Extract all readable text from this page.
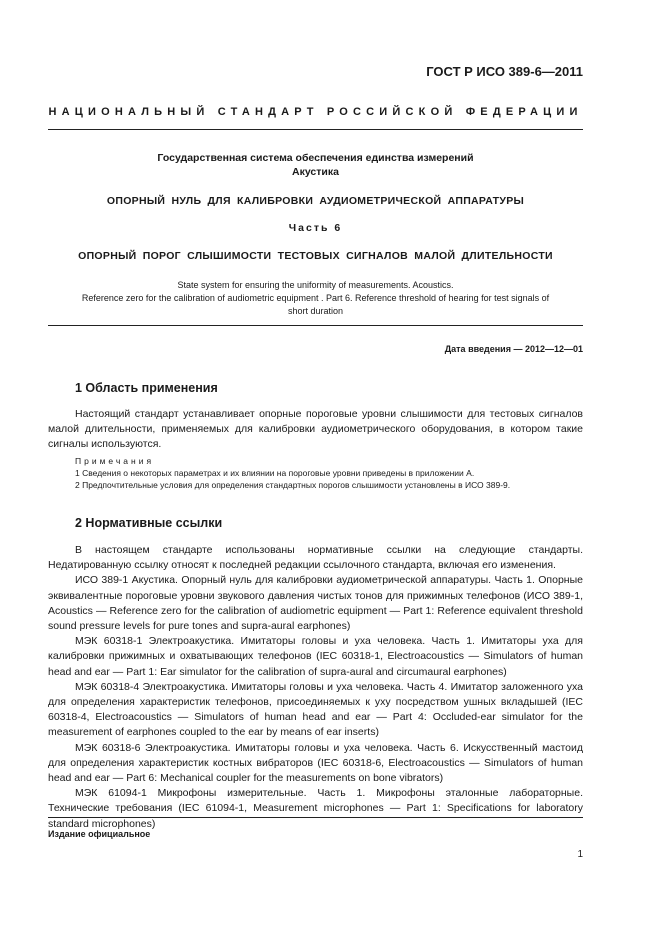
ГОСТ Р ИСО 389-6—2011
НАЦИОНАЛЬНЫЙ СТАНДАРТ РОССИЙСКОЙ ФЕДЕРАЦИИ
Государственная система обеспечения единства измерений
Акустика
ОПОРНЫЙ НУЛЬ ДЛЯ КАЛИБРОВКИ АУДИОМЕТРИЧЕСКОЙ АППАРАТУРЫ
Часть 6
ОПОРНЫЙ ПОРОГ СЛЫШИМОСТИ ТЕСТОВЫХ СИГНАЛОВ МАЛОЙ ДЛИТЕЛЬНОСТИ
State system for ensuring the uniformity of measurements. Acoustics.
Reference zero for the calibration of audiometric equipment . Part 6. Reference threshold of hearing for test signals of
short duration
Дата введения — 2012—12—01
1 Область применения

Настоящий стандарт устанавливает опорные пороговые уровни слышимости для тестовых сигналов малой длительности, применяемых для калибровки аудиометрического оборудования, в котором такие сигналы используются.

Примечания

1 Сведения о некоторых параметрах и их влиянии на пороговые уровни приведены в приложении А.

2 Предпочтительные условия для определения стандартных порогов слышимости установлены в ИСО 389-9.

2 Нормативные ссылки

В настоящем стандарте использованы нормативные ссылки на следующие стандарты. Недатированную ссылку относят к последней редакции ссылочного стандарта, включая его изменения.

ИСО 389-1 Акустика. Опорный нуль для калибровки аудиометрической аппаратуры. Часть 1. Опорные эквивалентные пороговые уровни звукового давления чистых тонов для прижимных телефонов (ИСО 389-1, Acoustics — Reference zero for the calibration of audiometric equipment — Part 1: Reference equivalent threshold sound pressure levels for pure tones and supra-aural earphones)

МЭК 60318-1 Электроакустика. Имитаторы головы и уха человека. Часть 1. Имитаторы уха для калибровки прижимных и охватывающих телефонов (IEC 60318-1, Electroacoustics — Simulators of human head and ear — Part 1: Ear simulator for the calibration of supra-aural and circumaural earphones)

МЭК 60318-4 Электроакустика. Имитаторы головы и уха человека. Часть 4. Имитатор заложенного уха для определения характеристик телефонов, присоединяемых к уху посредством ушных вкладышей (IEC 60318-4, Electroacoustics — Simulators of human head and ear — Part 4: Occluded-ear simulator for the measurement of earphones coupled to the ear by means of ear inserts)

МЭК 60318-6 Электроакустика. Имитаторы головы и уха человека. Часть 6. Искусственный мастоид для определения характеристик костных вибраторов (IEC 60318-6, Electroacoustics — Simulators of human head and ear — Part 6: Mechanical coupler for the measurements on bone vibrators)

МЭК 61094-1 Микрофоны измерительные. Часть 1. Микрофоны эталонные лабораторные. Технические требования (IEC 61094-1, Measurement microphones — Part 1: Specifications for laboratory standard microphones)

Издание официальное
1
